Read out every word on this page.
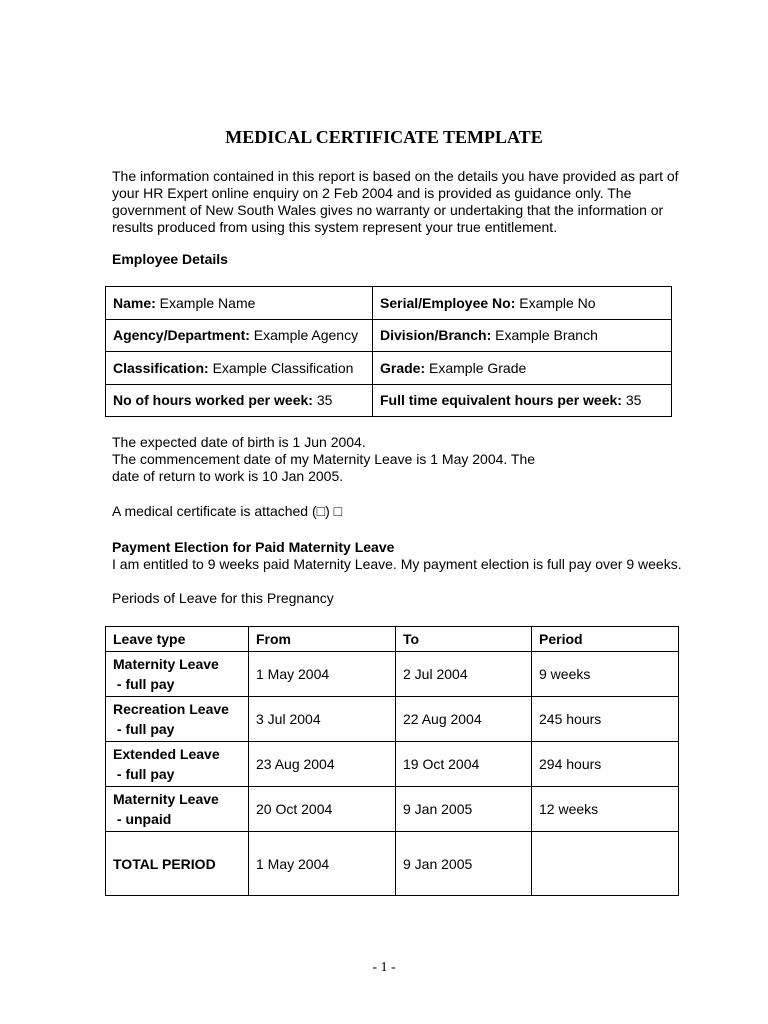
MEDICAL CERTIFICATE TEMPLATE
The information contained in this report is based on the details you have provided as part of
your HR Expert online enquiry on 2 Feb 2004 and is provided as guidance only. The
government of New South Wales gives no warranty or undertaking that the information or
results produced from using this system represent your true entitlement.
Employee Details
Name: Example Name	Serial/Employee No: Example No
Agency/Department: Example Agency	Division/Branch: Example Branch
Classification: Example Classification	Grade: Example Grade
No of hours worked per week: 35	Full time equivalent hours per week: 35
The expected date of birth is 1 Jun 2004.
The commencement date of my Maternity Leave is 1 May 2004. The
date of return to work is 10 Jan 2005.
A medical certificate is attached (□) □
Payment Election for Paid Maternity Leave
I am entitled to 9 weeks paid Maternity Leave. My payment election is full pay over 9 weeks.
Periods of Leave for this Pregnancy
Leave type	From	To	Period

Maternity Leave
- full pay	1 May 2004	2 Jul 2004	9 weeks

Recreation Leave
- full pay	3 Jul 2004	22 Aug 2004	245 hours

Extended Leave
- full pay	23 Aug 2004	19 Oct 2004	294 hours

Maternity Leave
- unpaid	20 Oct 2004	9 Jan 2005	12 weeks
TOTAL PERIOD	1 May 2004	9 Jan 2005	
- 1 -
